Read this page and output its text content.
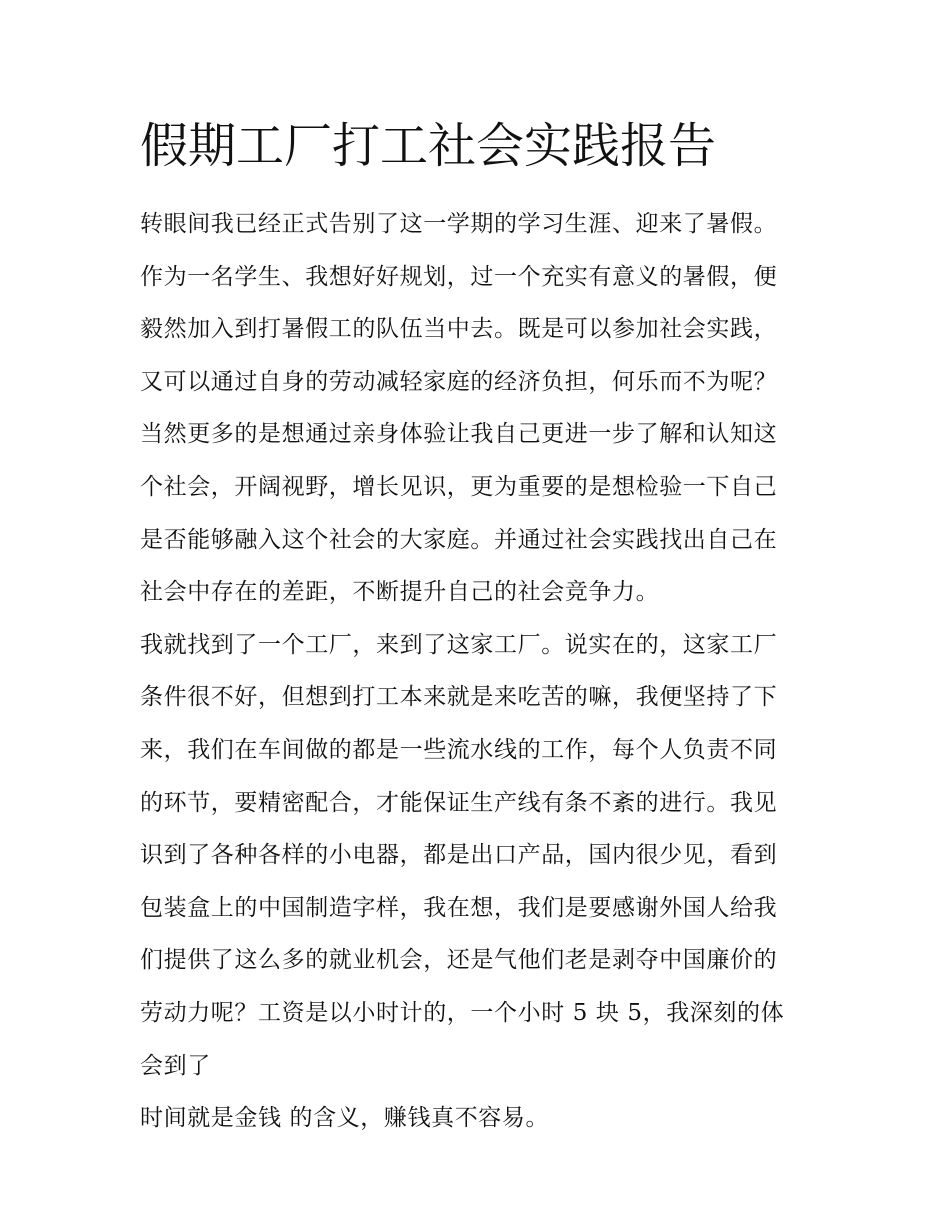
假期工厂打工社会实践报告

转眼间我已经正式告别了这一学期的学习生涯、迎来了暑假。
作为一名学生、我想好好规划，过一个充实有意义的暑假，便
毅然加入到打暑假工的队伍当中去。既是可以参加社会实践，
又可以通过自身的劳动减轻家庭的经济负担，何乐而不为呢？
当然更多的是想通过亲身体验让我自己更进一步了解和认知这
个社会，开阔视野，增长见识，更为重要的是想检验一下自己
是否能够融入这个社会的大家庭。并通过社会实践找出自己在
社会中存在的差距，不断提升自己的社会竞争力。

我就找到了一个工厂，来到了这家工厂。说实在的，这家工厂
条件很不好，但想到打工本来就是来吃苦的嘛，我便坚持了下
来，我们在车间做的都是一些流水线的工作，每个人负责不同
的环节，要精密配合，才能保证生产线有条不紊的进行。我见
识到了各种各样的小电器，都是出口产品，国内很少见，看到
包装盒上的中国制造字样，我在想，我们是要感谢外国人给我
们提供了这么多的就业机会，还是气他们老是剥夺中国廉价的
劳动力呢？工资是以小时计的，一个小时 5 块 5，我深刻的体
会到了

时间就是金钱 的含义，赚钱真不容易。
